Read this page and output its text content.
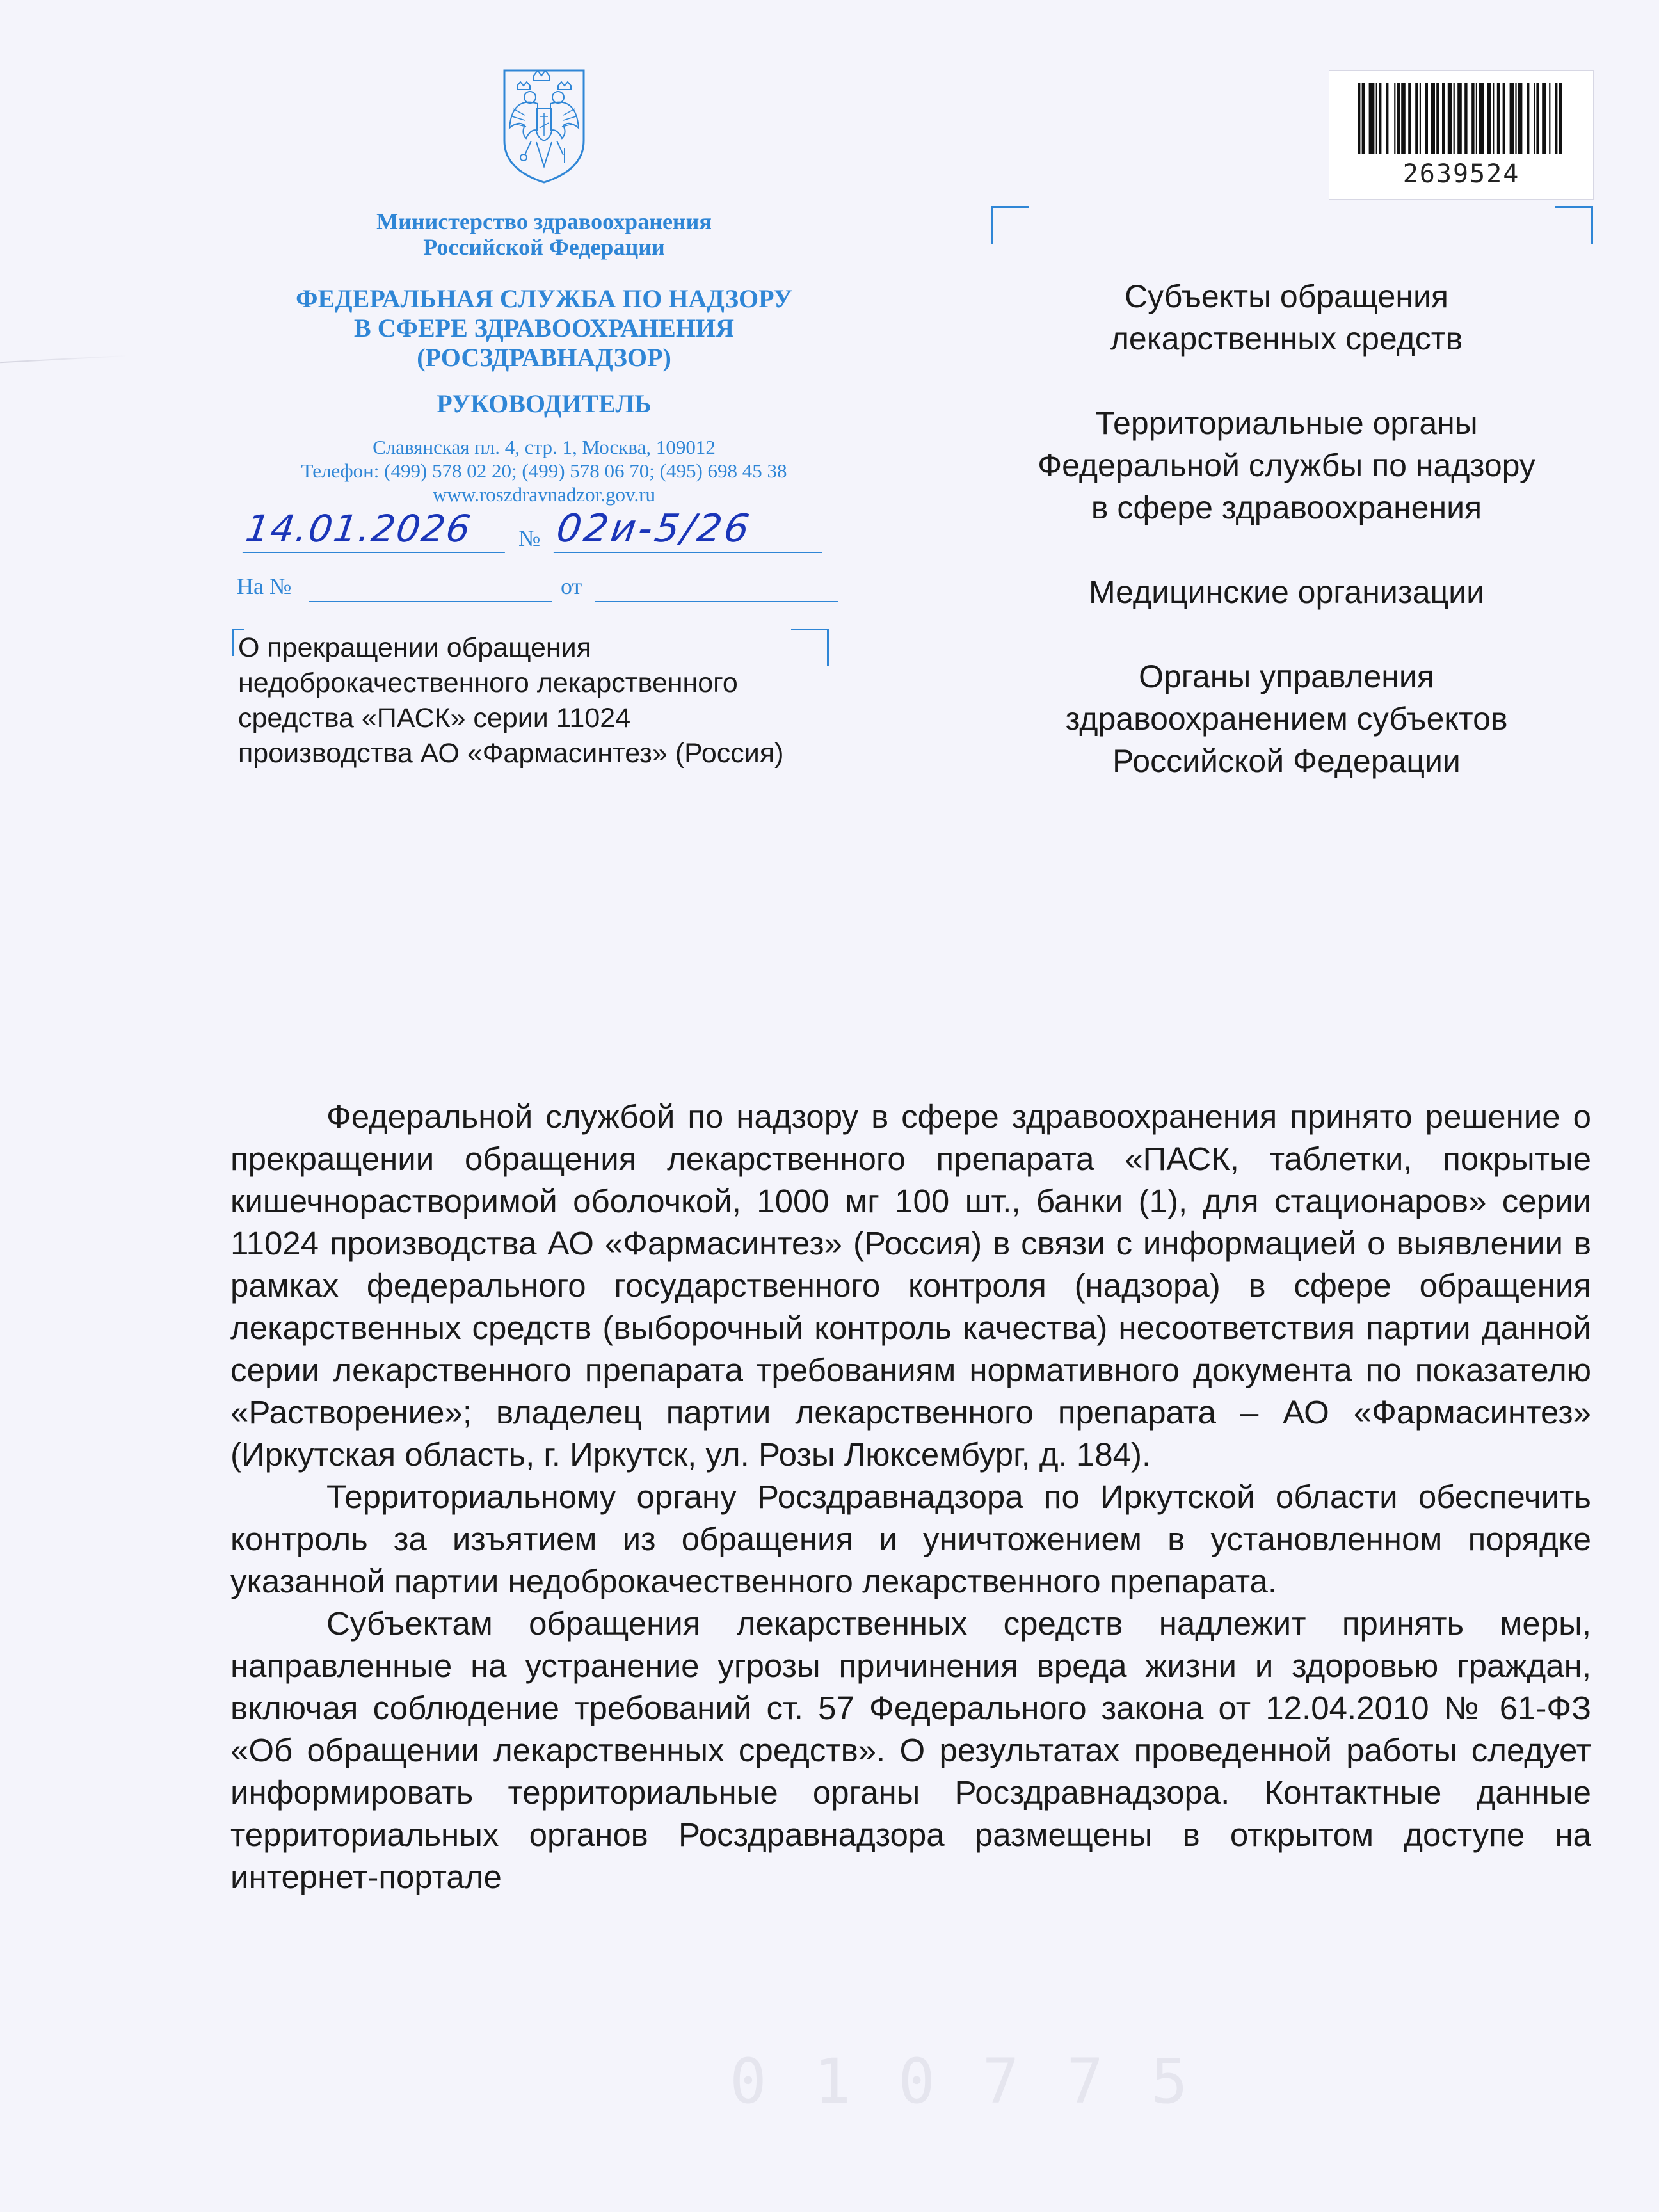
Министерство здравоохранения
Российской Федерации
ФЕДЕРАЛЬНАЯ СЛУЖБА ПО НАДЗОРУ
В СФЕРЕ ЗДРАВООХРАНЕНИЯ
(РОСЗДРАВНАДЗОР)
РУКОВОДИТЕЛЬ
Славянская пл. 4, стр. 1, Москва, 109012
Телефон: (499) 578 02 20; (499) 578 06 70; (495) 698 45 38
www.roszdravnadzor.gov.ru
14.01.2026	№ 02и-5/26
На №	от
О прекращении обращения
недоброкачественного лекарственного
средства «ПАСК» серии 11024
производства АО «Фармасинтез» (Россия)
2639524
Субъекты обращения
лекарственных средств
Территориальные органы
Федеральной службы по надзору
в сфере здравоохранения
Медицинские организации
Органы управления
здравоохранением субъектов
Российской Федерации

Федеральной службой по надзору в сфере здравоохранения принято решение о прекращении обращения лекарственного препарата «ПАСК, таблетки, покрытые кишечнорастворимой оболочкой, 1000 мг 100 шт., банки (1), для стационаров» серии 11024 производства АО «Фармасинтез» (Россия) в связи с информацией о выявлении в рамках федерального государственного контроля (надзора) в сфере обращения лекарственных средств (выборочный контроль качества) несоответствия партии данной серии лекарственного препарата требованиям нормативного документа по показателю «Растворение»; владелец партии лекарственного препарата – АО «Фармасинтез» (Иркутская область, г. Иркутск, ул. Розы Люксембург, д. 184).

Территориальному органу Росздравнадзора по Иркутской области обеспечить контроль за изъятием из обращения и уничтожением в установленном порядке указанной партии недоброкачественного лекарственного препарата.

Субъектам обращения лекарственных средств надлежит принять меры, направленные на устранение угрозы причинения вреда жизни и здоровью граждан, включая соблюдение требований ст. 57 Федерального закона от 12.04.2010 № 61-ФЗ «Об обращении лекарственных средств». О результатах проведенной работы следует информировать территориальные органы Росздравнадзора. Контактные данные территориальных органов Росздравнадзора размещены в открытом доступе на интернет-портале

0 1 0 7 7 5
